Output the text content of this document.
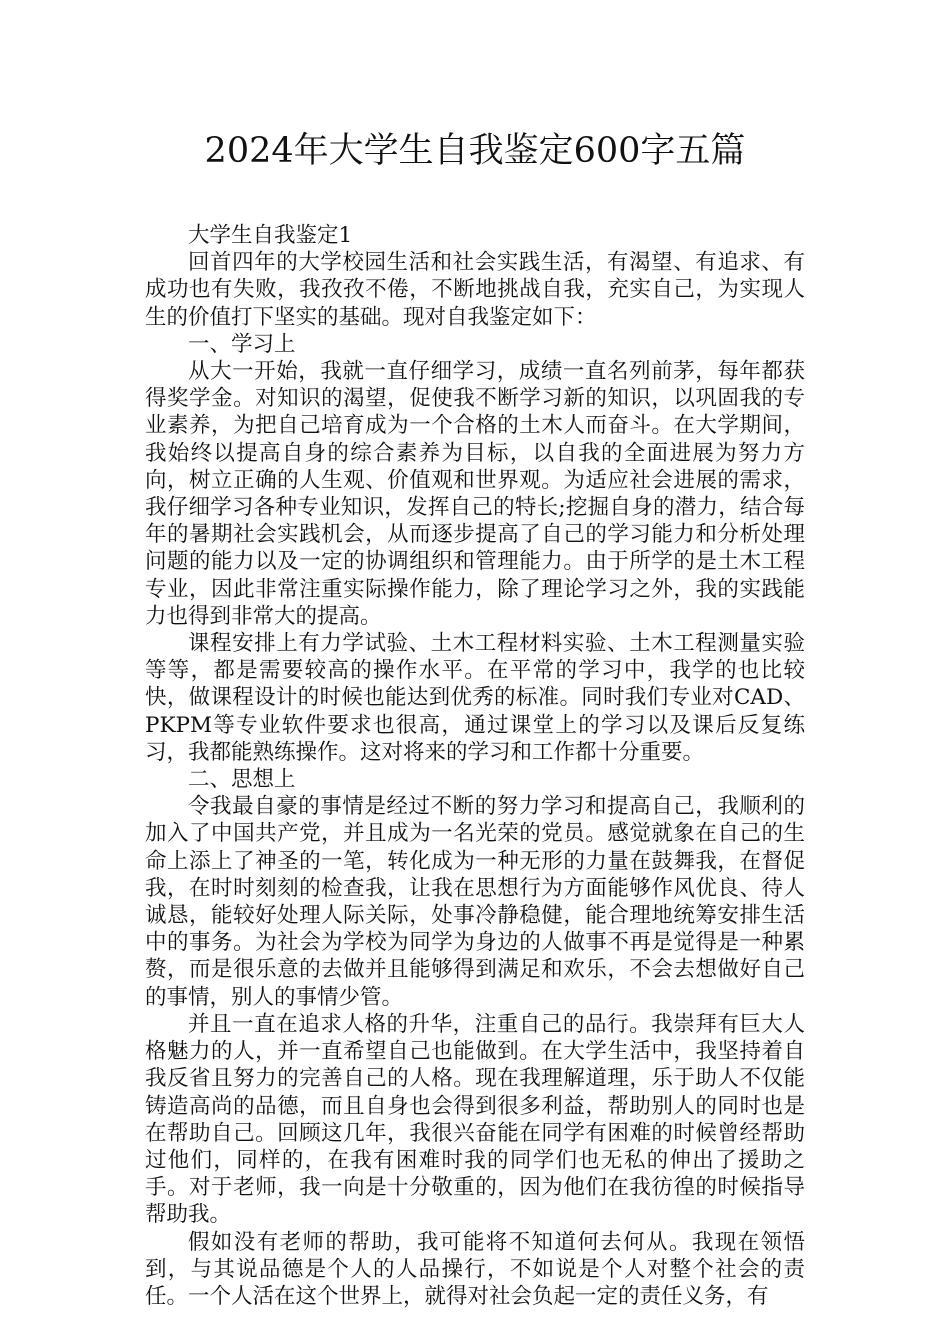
2024年大学生自我鉴定600字五篇

大学生自我鉴定1

回首四年的大学校园生活和社会实践生活，有渴望、有追求、有成功也有失败，我孜孜不倦，不断地挑战自我，充实自己，为实现人生的价值打下坚实的基础。现对自我鉴定如下：

一、学习上

从大一开始，我就一直仔细学习，成绩一直名列前茅，每年都获得奖学金。对知识的渴望，促使我不断学习新的知识，以巩固我的专业素养，为把自己培育成为一个合格的土木人而奋斗。在大学期间，我始终以提高自身的综合素养为目标，以自我的全面进展为努力方向，树立正确的人生观、价值观和世界观。为适应社会进展的需求，我仔细学习各种专业知识，发挥自己的特长;挖掘自身的潜力，结合每年的暑期社会实践机会，从而逐步提高了自己的学习能力和分析处理问题的能力以及一定的协调组织和管理能力。由于所学的是土木工程专业，因此非常注重实际操作能力，除了理论学习之外，我的实践能力也得到非常大的提高。

课程安排上有力学试验、土木工程材料实验、土木工程测量实验等等，都是需要较高的操作水平。在平常的学习中，我学的也比较快，做课程设计的时候也能达到优秀的标准。同时我们专业对CAD、PKPM等专业软件要求也很高，通过课堂上的学习以及课后反复练习，我都能熟练操作。这对将来的学习和工作都十分重要。

二、思想上

令我最自豪的事情是经过不断的努力学习和提高自己，我顺利的加入了中国共产党，并且成为一名光荣的党员。感觉就象在自己的生命上添上了神圣的一笔，转化成为一种无形的力量在鼓舞我，在督促我，在时时刻刻的检查我，让我在思想行为方面能够作风优良、待人诚恳，能较好处理人际关际，处事冷静稳健，能合理地统筹安排生活中的事务。为社会为学校为同学为身边的人做事不再是觉得是一种累赘，而是很乐意的去做并且能够得到满足和欢乐，不会去想做好自己的事情，别人的事情少管。

并且一直在追求人格的升华，注重自己的品行。我崇拜有巨大人格魅力的人，并一直希望自己也能做到。在大学生活中，我坚持着自我反省且努力的完善自己的人格。现在我理解道理，乐于助人不仅能铸造高尚的品德，而且自身也会得到很多利益，帮助别人的同时也是在帮助自己。回顾这几年，我很兴奋能在同学有困难的时候曾经帮助过他们，同样的，在我有困难时我的同学们也无私的伸出了援助之手。对于老师，我一向是十分敬重的，因为他们在我彷徨的时候指导帮助我。

假如没有老师的帮助，我可能将不知道何去何从。我现在领悟到，与其说品德是个人的人品操行，不如说是个人对整个社会的责任。一个人活在这个世界上，就得对社会负起一定的责任义务，有
